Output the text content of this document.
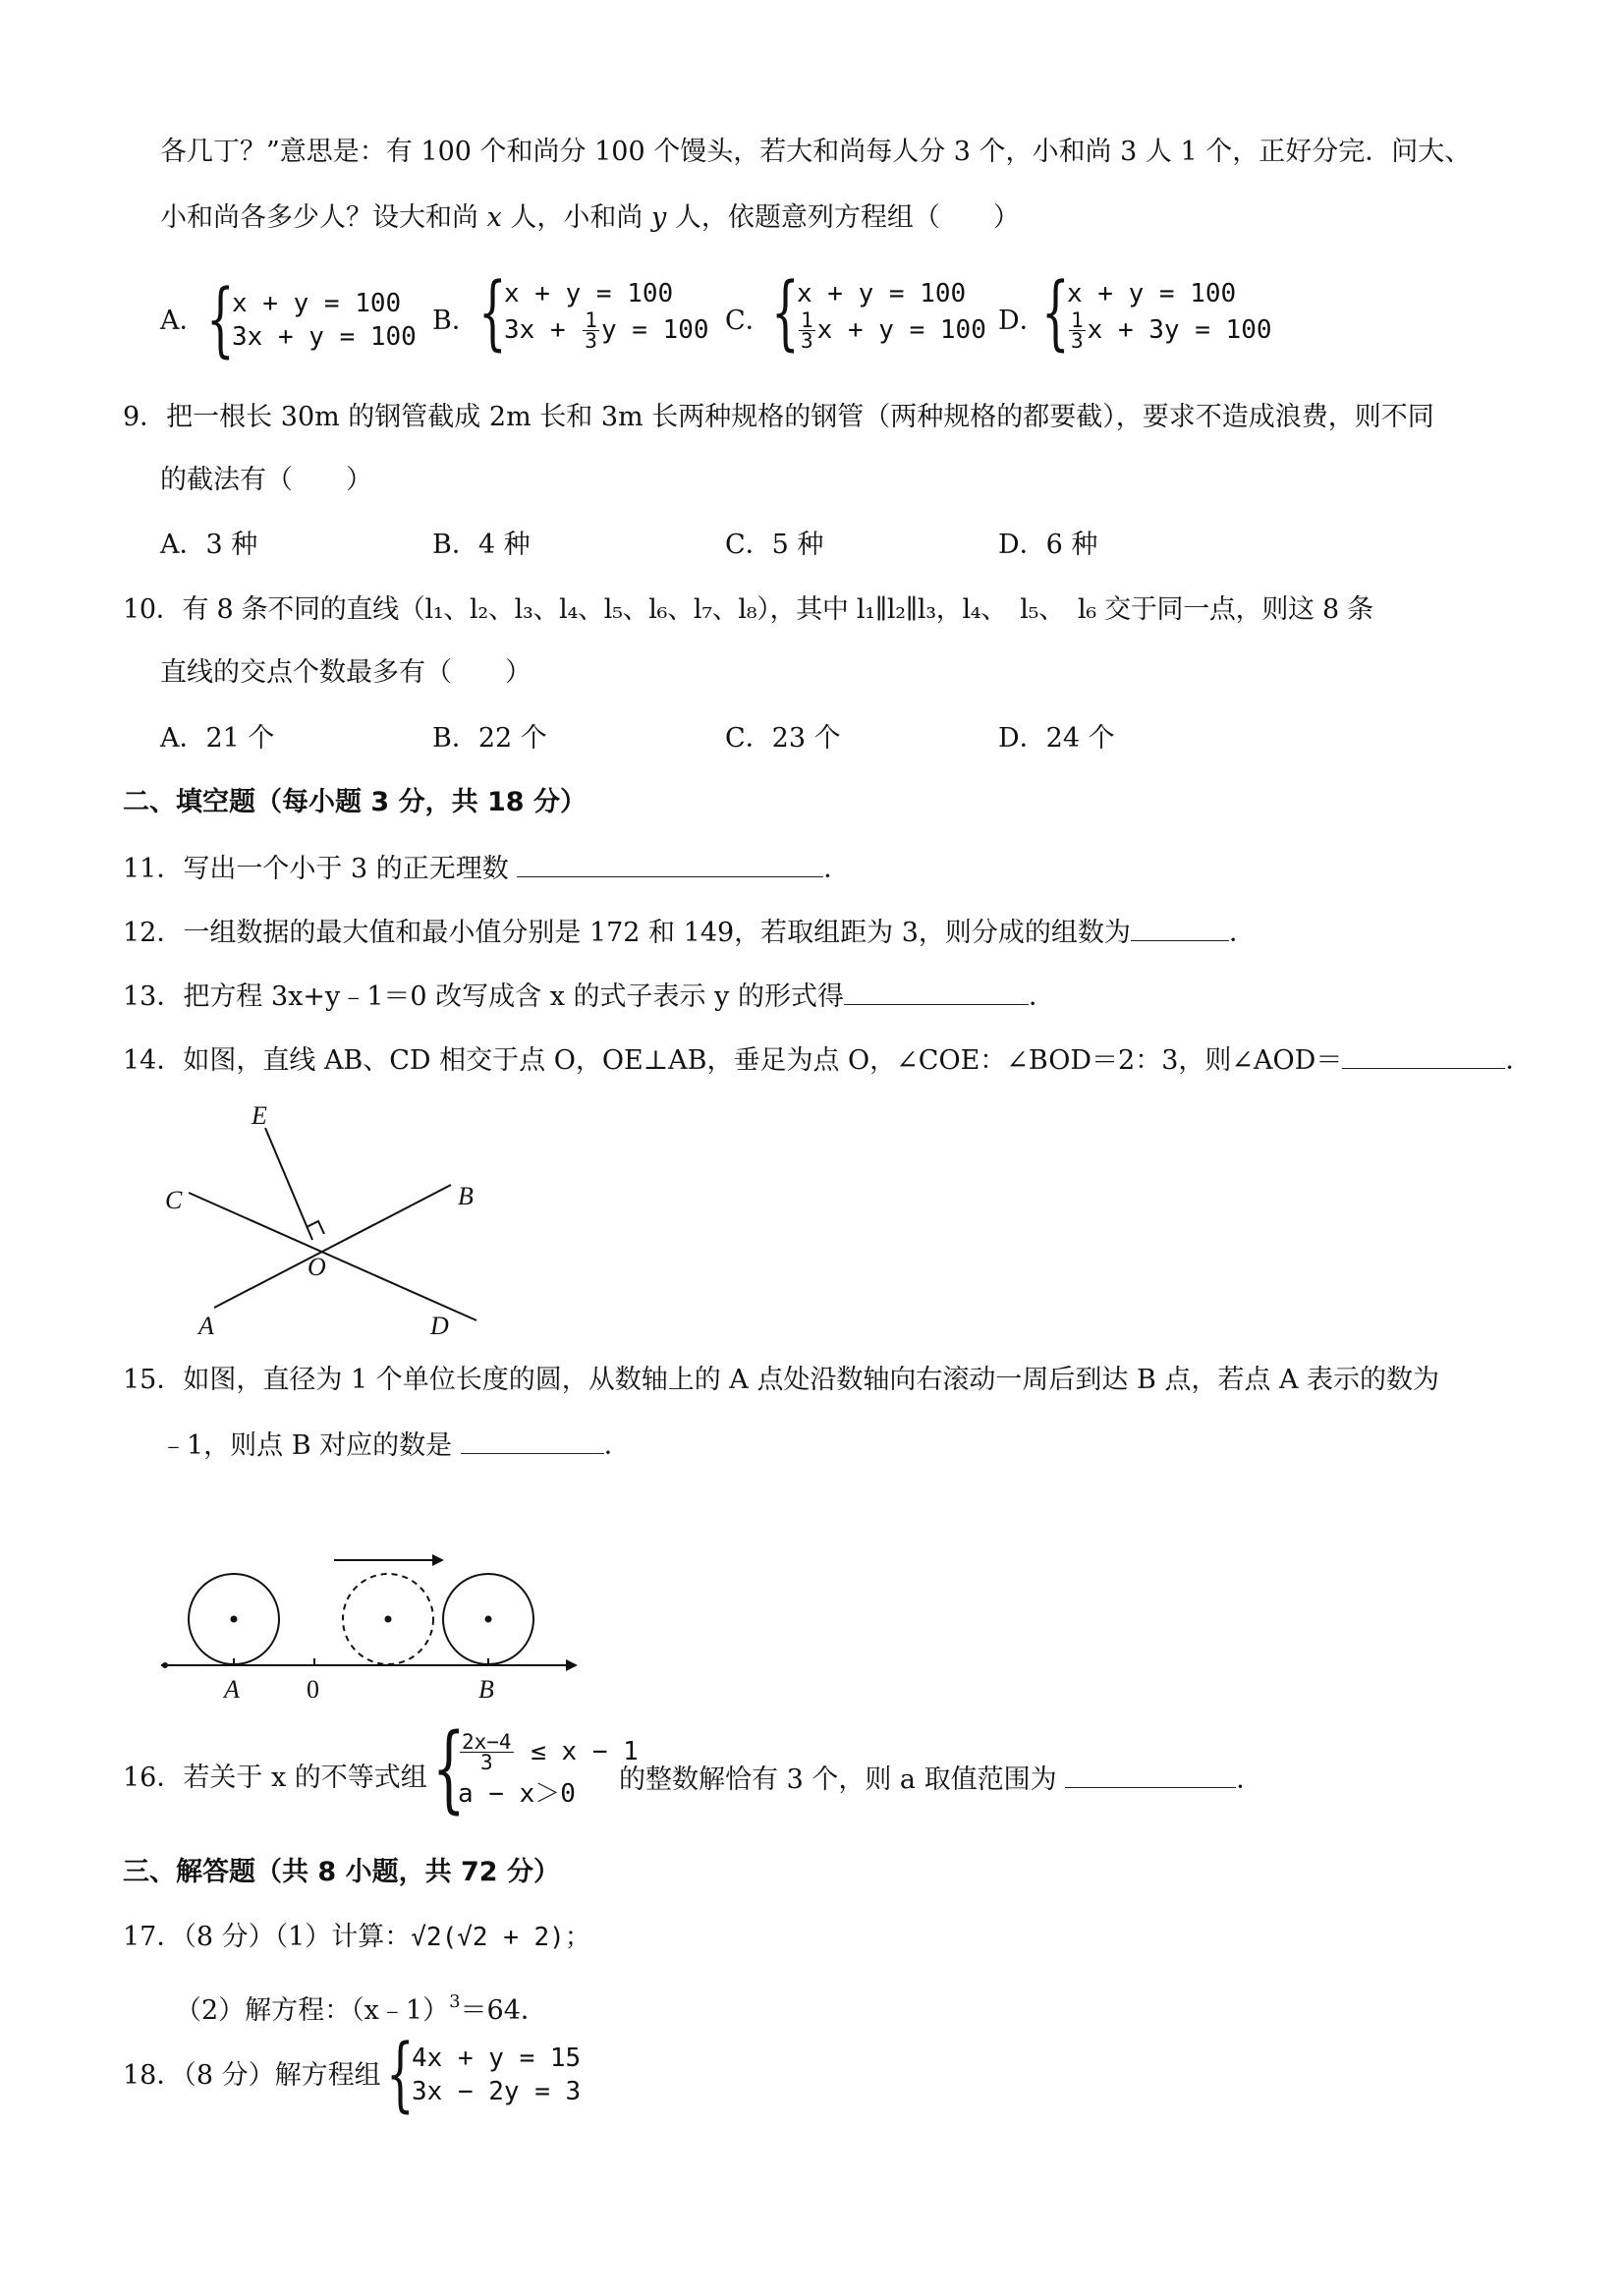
各几丁？”意思是：有 100 个和尚分 100 个馒头，若大和尚每人分 3 个，小和尚 3 人 1 个，正好分完．问大、
小和尚各多少人？设大和尚 x 人，小和尚 y 人，依题意列方程组（　　）
A． {
x + y = 100
3x + y = 100
B． {
x + y = 100
$3x + \frac{1}{3}$ y = 100 C． {
x + y = 100
$\frac{1}{3}$ x + y = 100 D．
{
x + y = 100
$\frac{1}{3}$ x + 3y = 100
9．把一根长 30m 的钢管截成 2m 长和 3m 长两种规格的钢管（两种规格的都要截），要求不造成浪费，则不同
的截法有（　　）
A．3 种	B．4 种	C．5 种	D．6 种
10．有 8 条不同的直线（l₁、l₂、l₃、l₄、l₅、l₆、l₇、l₈），其中 l₁∥l₂∥l₃，l₄、　l₅、　l₆ 交于同一点，则这 8 条
直线的交点个数最多有（　　）
A．21 个	B．22 个	C．23 个	D．24 个
二、填空题（每小题 3 分，共 18 分）
11．写出一个小于 3 的正无理数	．
12．一组数据的最大值和最小值分别是 172 和 149，若取组距为 3，则分成的组数为	．
13．把方程 3x+y﹣1＝0 改写成含 x 的式子表示 y 的形式得	．
14．如图，直线 AB、CD 相交于点 O，OE⊥AB，垂足为点 O，∠COE：∠BOD＝2：3，则∠AOD＝	．
E
C	B
O
A	D
15．如图，直径为 1 个单位长度的圆，从数轴上的 A 点处沿数轴向右滚动一周后到达 B 点，若点 A 表示的数为
﹣1，则点 B 对应的数是	．
A	0	B
16．若关于 x 的不等式组 {
$\frac{2x-4}{3} \le x - 1$
a − x＞0	的整数解恰有 3 个，则 a 取值范围为	．
三、解答题（共 8 小题，共 72 分）
17．（8 分）（1）计算：√2(√2 + 2)；
（2）解方程：（x﹣1）$^3$＝64．
18．（8 分）解方程组 {
4x + y = 15
3x − 2y = 3
